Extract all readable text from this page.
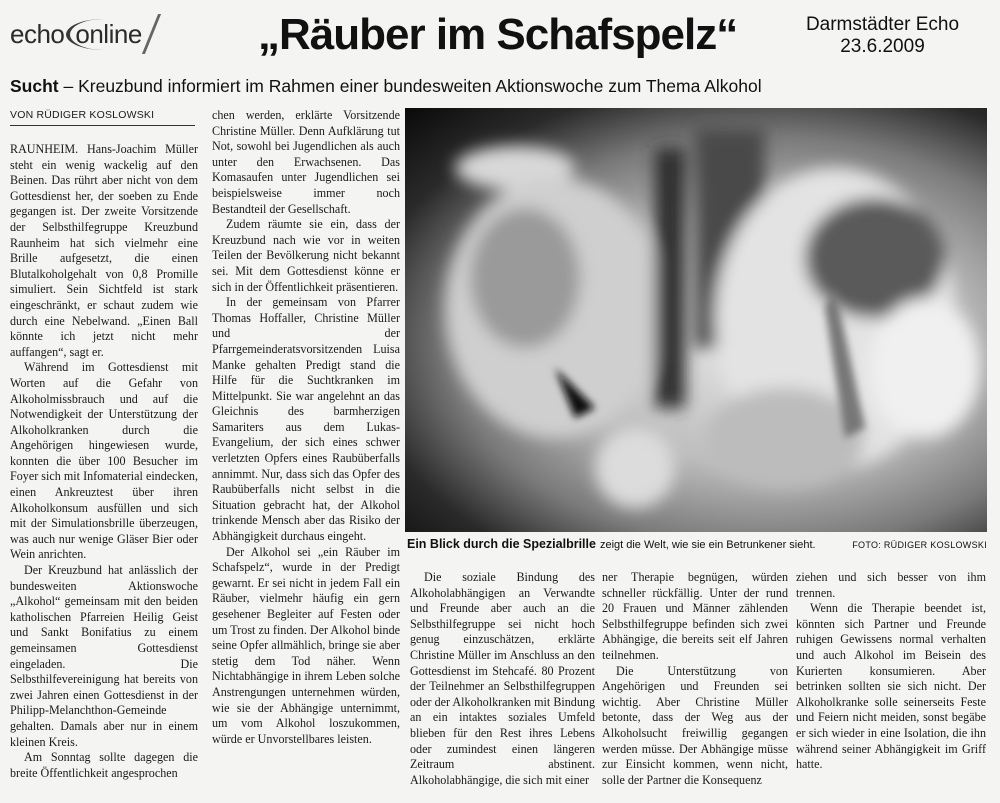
echo online	„Räuber im Schafspelz“	Darmstädter Echo
23.6.2009
Sucht – Kreuzbund informiert im Rahmen einer bundesweiten Aktionswoche zum Thema Alkohol
VON RÜDIGER KOSLOWSKI

RAUNHEIM. Hans-Joachim Müller steht ein wenig wackelig auf den Beinen. Das rührt aber nicht von dem Gottesdienst her, der soeben zu Ende gegangen ist. Der zweite Vorsitzende der Selbsthilfegruppe Kreuzbund Raunheim hat sich vielmehr eine Brille aufgesetzt, die einen Blutalkoholgehalt von 0,8 Promille simuliert. Sein Sichtfeld ist stark eingeschränkt, er schaut zudem wie durch eine Nebelwand. „Einen Ball könnte ich jetzt nicht mehr auffangen“, sagt er.

Während im Gottesdienst mit Worten auf die Gefahr von Alkoholmissbrauch und auf die Notwendigkeit der Unterstützung der Alkoholkranken durch die Angehörigen hingewiesen wurde, konnten die über 100 Besucher im Foyer sich mit Infomaterial eindecken, einen Ankreuztest über ihren Alkoholkonsum ausfüllen und sich mit der Simulationsbrille überzeugen, was auch nur wenige Gläser Bier oder Wein anrichten.

Der Kreuzbund hat anlässlich der bundesweiten Aktionswoche „Alkohol“ gemeinsam mit den beiden katholischen Pfarreien Heilig Geist und Sankt Bonifatius zu einem gemeinsamen Gottesdienst eingeladen. Die Selbsthilfevereinigung hat bereits von zwei Jahren einen Gottesdienst in der Philipp-Melanchthon-Gemeinde gehalten. Damals aber nur in einem kleinen Kreis.

Am Sonntag sollte dagegen die breite Öffentlichkeit angesprochen

chen werden, erklärte Vorsitzende Christine Müller. Denn Aufklärung tut Not, sowohl bei Jugendlichen als auch unter den Erwachsenen. Das Komasaufen unter Jugendlichen sei beispielsweise immer noch Bestandteil der Gesellschaft.

Zudem räumte sie ein, dass der Kreuzbund nach wie vor in weiten Teilen der Bevölkerung nicht bekannt sei. Mit dem Gottesdienst könne er sich in der Öffentlichkeit präsentieren.

In der gemeinsam von Pfarrer Thomas Hoffaller, Christine Müller und der Pfarrgemeinderatsvorsitzenden Luisa Manke gehalten Predigt stand die Hilfe für die Suchtkranken im Mittelpunkt. Sie war angelehnt an das Gleichnis des barmherzigen Samariters aus dem Lukas-Evangelium, der sich eines schwer verletzten Opfers eines Raubüberfalls annimmt. Nur, dass sich das Opfer des Raubüberfalls nicht selbst in die Situation gebracht hat, der Alkohol trinkende Mensch aber das Risiko der Abhängigkeit durchaus eingeht.

Der Alkohol sei „ein Räuber im Schafspelz“, wurde in der Predigt gewarnt. Er sei nicht in jedem Fall ein Räuber, vielmehr häufig ein gern gesehener Begleiter auf Festen oder um Trost zu finden. Der Alkohol binde seine Opfer allmählich, bringe sie aber stetig dem Tod näher. Wenn Nichtabhängige in ihrem Leben solche Anstrengungen unternehmen würden, wie sie der Abhängige unternimmt, um vom Alkohol loszukommen, würde er Unvorstellbares leisten.

Ein Blick durch die Spezialbrille zeigt die Welt, wie sie ein Betrunkener sieht.	FOTO: RÜDIGER KOSLOWSKI

Die soziale Bindung des Alkoholabhängigen an Verwandte und Freunde aber auch an die Selbsthilfegruppe sei nicht hoch genug einzuschätzen, erklärte Christine Müller im Anschluss an den Gottesdienst im Stehcafé. 80 Prozent der Teilnehmer an Selbsthilfegruppen oder der Alkoholkranken mit Bindung an ein intaktes soziales Umfeld blieben für den Rest ihres Lebens oder zumindest einen längeren Zeitraum abstinent. Alkoholabhängige, die sich mit einer

ner Therapie begnügen, würden schneller rückfällig. Unter der rund 20 Frauen und Männer zählenden Selbsthilfegruppe befinden sich zwei Abhängige, die bereits seit elf Jahren teilnehmen.

Die Unterstützung von Angehörigen und Freunden sei wichtig. Aber Christine Müller betonte, dass der Weg aus der Alkoholsucht freiwillig gegangen werden müsse. Der Abhängige müsse zur Einsicht kommen, wenn nicht, solle der Partner die Konsequenz

ziehen und sich besser von ihm trennen.

Wenn die Therapie beendet ist, könnten sich Partner und Freunde ruhigen Gewissens normal verhalten und auch Alkohol im Beisein des Kurierten konsumieren. Aber betrinken sollten sie sich nicht. Der Alkoholkranke solle seinerseits Feste und Feiern nicht meiden, sonst begäbe er sich wieder in eine Isolation, die ihn während seiner Abhängigkeit im Griff hatte.
